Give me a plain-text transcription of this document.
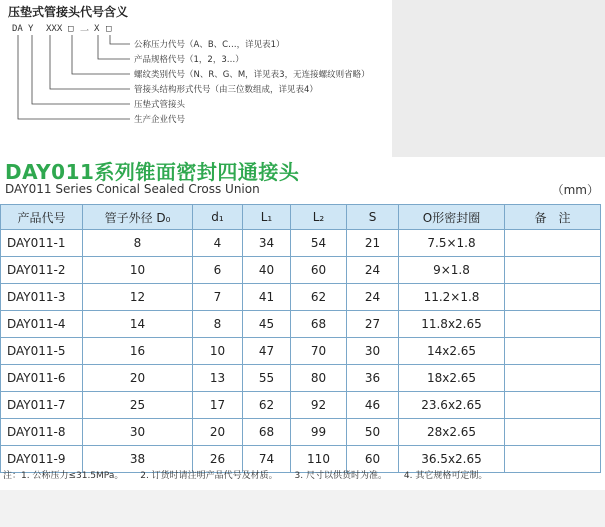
压垫式管接头代号含义
DA Y XXX □ 一 X □
公称压力代号（A、B、C…，详见表1）
产品规格代号（1，2，3…）
螺纹类别代号（N、R、G、M，详见表3，无连接螺纹则省略）
管接头结构形式代号（由三位数组成，详见表4）
压垫式管接头
生产企业代号
DAY011系列锥面密封四通接头
DAY011 Series Conical Sealed Cross Union	（mm）
产品代号	管子外径 D₀	d₁	L₁	L₂	S	O形密封圈	备　注
DAY011-1	8	4	34	54	21	7.5×1.8	
DAY011-2	10	6	40	60	24	9×1.8	
DAY011-3	12	7	41	62	24	11.2×1.8	
DAY011-4	14	8	45	68	27	11.8x2.65	
DAY011-5	16	10	47	70	30	14x2.65	
DAY011-6	20	13	55	80	36	18x2.65	
DAY011-7	25	17	62	92	46	23.6x2.65	
DAY011-8	30	20	68	99	50	28x2.65	
DAY011-9	38	26	74	110	60	36.5x2.65	
注：1. 公称压力≤31.5MPa。 2. 订货时请注明产品代号及材质。 3. 尺寸以供货时为准。 4. 其它规格可定制。
